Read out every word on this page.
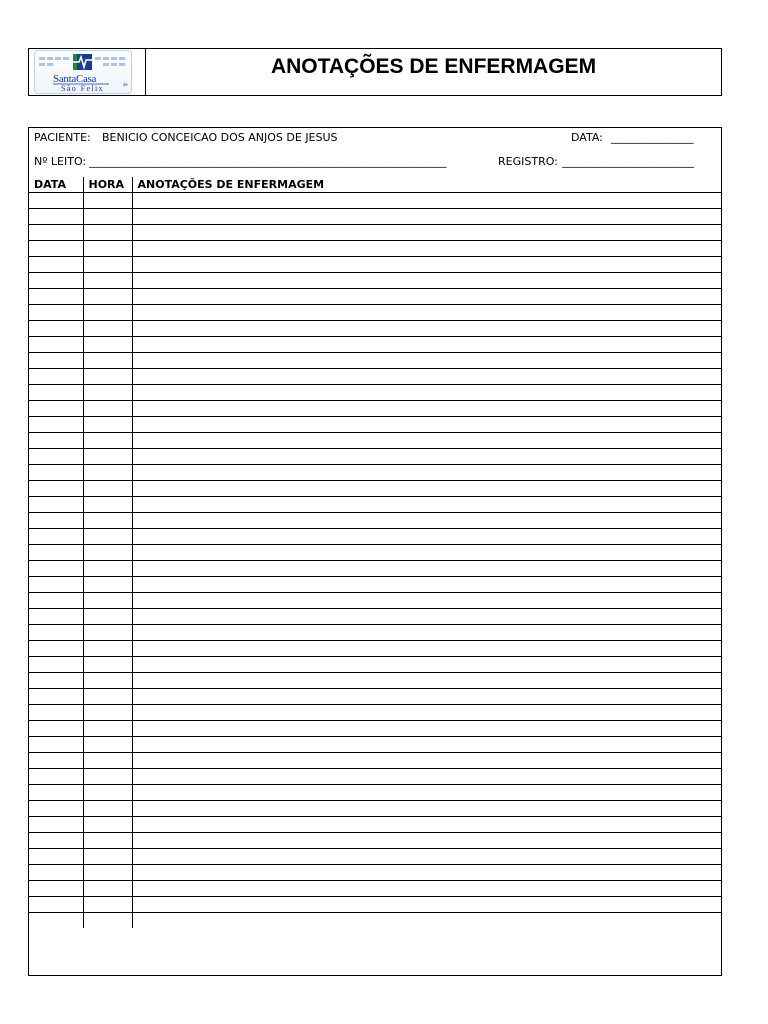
SantaCasa
de
São Felix
ANOTAÇÕES DE ENFERMAGEM
PACIENTE: BENICIO CONCEICAO DOS ANJOS DE JESUS	DATA: _______________
Nº LEITO: _________________________________________________________________	REGISTRO: ________________________
DATA	HORA	ANOTAÇÕES DE ENFERMAGEM
